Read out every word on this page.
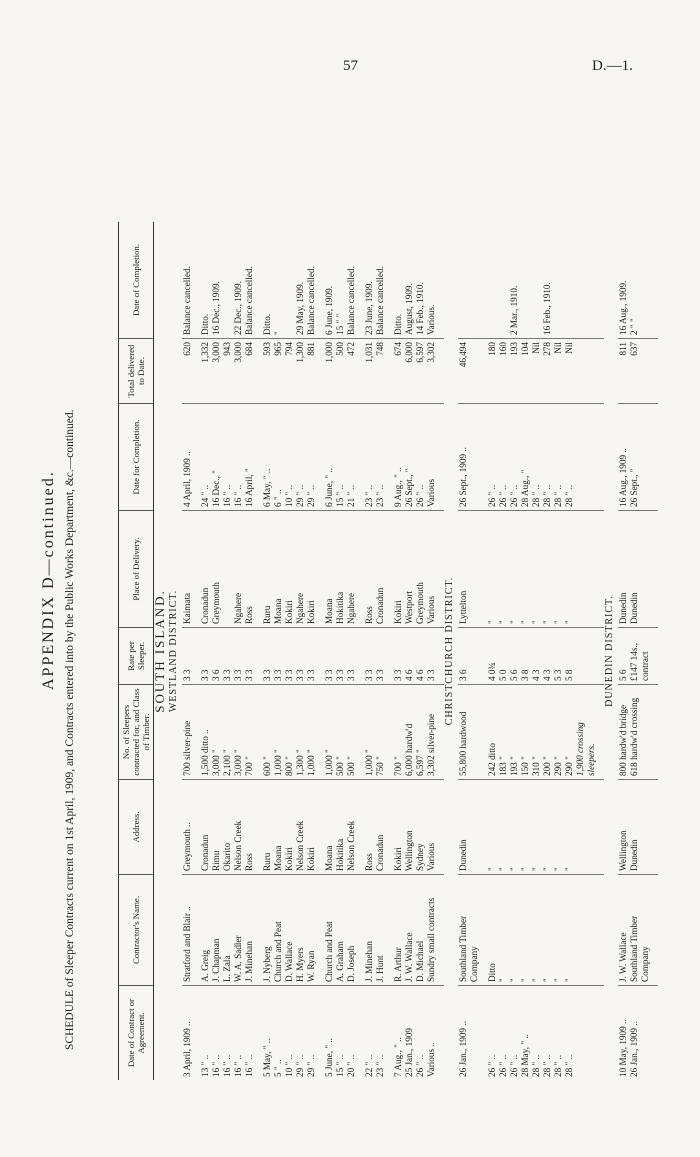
57	D.—1.
APPENDIX D—continued. SCHEDULE of Sleeper Contracts current on 1st April, 1909, and Contracts entered into by the Public Works Department, &c.—continued.	Date of Contract or Agreement.	Contractor's Name.	Address.	No. of Sleepers contracted for, and Class of Timber.	Rate per Sleeper.	Place of Delivery.	Date for Completion.	Total delivered to Date.	Date of Completion.
SOUTH ISLAND.								
WESTLAND DISTRICT.								
3 April, 1909 ..	Stratford and Blair ..	Greymouth ..	700 silver-pine	3 3	Kaimata	4 April, 1909 ..	620	Balance cancelled.

13 " ..	A. Greig	Cronadun	1,500 ditto ..	3 3	Cronadun	24 " ..	1,332	Ditto.
16 " ..	J. Chapman	Rimu	3,000 "	3 6	Greymouth	16 Dec., "	3,000	16 Dec., 1909.
16 " ..	L. Zala	Okarito	2,100 "	3 3		16 " ..	943	
16 " ..	W. A. Sadler	Nelson Creek	3,000 "	3 3	Ngahere	16 " ..	3,000	22 Dec., 1909.
16 " ..	J. Minehan	Ross	700 "	3 3	Ross	16 April, "	684	Balance cancelled.

5 May, " ..	J. Nyberg	Ruru	600 "	3 3	Ruru	6 May, " ..	593	Ditto.
5 " ..	Church and Peat	Moana	1,000 "	3 3	Moana	6 " ..	965	"
10 " ..	D. Wallace	Kokiri	800 "	3 3	Kokiri	10 " ..	794	
29 " ..	H. Myers	Nelson Creek	1,300 "	3 3	Ngahere	29 " ..	1,300	29 May, 1909.
29 " ..	W. Ryan	Kokiri	1,000 "	3 3	Kokiri	29 " ..	881	Balance cancelled.

5 June, " ..	Church and Peat	Moana	1,000 "	3 3	Moana	6 June, " ..	1,000	6 June, 1909.
15 " ..	A. Graham	Hokitika	500 "	3 3	Hokitika	15 " ..	500	15 " "
20 " ..	D. Joseph	Nelson Creek	500 "	3 3	Ngahere	21 " ..	472	Balance cancelled.

22 " ..	J. Minehan	Ross	1,000 "	3 3	Ross	23 " ..	1,031	23 June, 1909.
23 " ..	J. Hunt	Cronadun	750 "	3 3	Cronadun	23 " ..	748	Balance cancelled.

7 Aug., " ..	R. Arthur	Kokiri	700 "	3 3	Kokiri	9 Aug., " ..	674	Ditto.
25 Jan., 1909	J. W. Wallace	Wellington	6,000 hardw'd	4 6	Westport	26 Sept., "	6,000	August, 1909.
26 " ..	D. Michael	Sydney	6,597 "	4 6	Greymouth	26 " ..	6,597	14 Feb., 1910.
Various ..	Sundry small contracts	Various	3,302 silver-pine	3 3	Various	Various	3,302	Various.

CHRISTCHURCH DISTRICT.								
26 Jan., 1909 ..	Southland Timber Company	Dunedin	55,800 hardwood	3 6	Lyttelton	26 Sept., 1909 ..	46,494	

26 " ..	Ditto	"	242 ditto	4 0¾	"	26 " ..	180	
26 " ..	"	"	183 "	5 0	"	26 " ..	160	
26 " ..	"	"	193 "	5 6	"	26 " ..	193	2 Mar., 1910.
28 May, " ..	"	"	150 "	3 8	"	28 Aug., "	104	
28 " ..	"	"	310 "	4 3	"	28 " ..	Nil	
28 " ..	"	"	200 "	4 3	"	28 " ..	278	16 Feb., 1910.
28 " ..	"	"	290 "	5 3	"	28 " ..	Nil	
28 " ..	"	"	290 "	5 8	"	28 " ..	Nil	
			1,900 crossing sleepers.					

DUNEDIN DISTRICT.								
10 May, 1909 ..	J. W. Wallace	Wellington	800 hardw'd bridge	5 6	Dunedin	16 Aug., 1909 ..	811	16 Aug., 1909.
26 Jan., 1909 ..	Southland Timber Company	Dunedin	618 hardw'd crossing	£147 14s., contract	Dunedin	26 Sept., "	637	2 " "
